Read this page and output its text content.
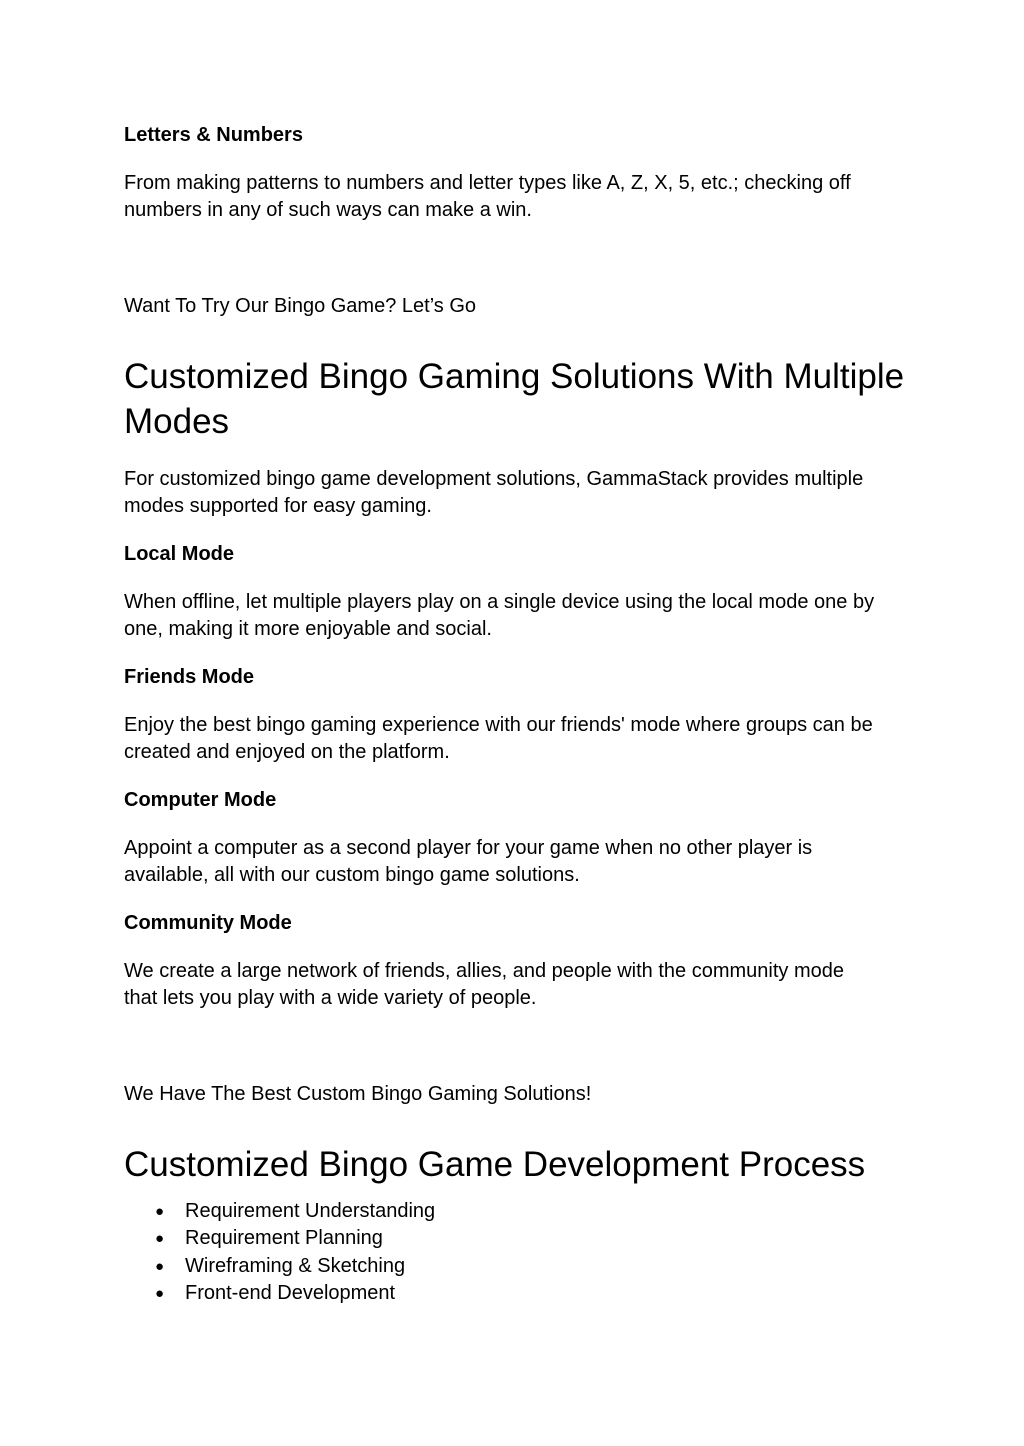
Letters & Numbers

From making patterns to numbers and letter types like A, Z, X, 5, etc.; checking off

numbers in any of such ways can make a win.

Want To Try Our Bingo Game? Let’s Go

Customized Bingo Gaming Solutions With Multiple
Modes

For customized bingo game development solutions, GammaStack provides multiple

modes supported for easy gaming.

Local Mode

When offline, let multiple players play on a single device using the local mode one by

one, making it more enjoyable and social.

Friends Mode

Enjoy the best bingo gaming experience with our friends' mode where groups can be

created and enjoyed on the platform.

Computer Mode

Appoint a computer as a second player for your game when no other player is

available, all with our custom bingo game solutions.

Community Mode

We create a large network of friends, allies, and people with the community mode

that lets you play with a wide variety of people.

We Have The Best Custom Bingo Gaming Solutions!

Customized Bingo Game Development Process
● Requirement Understanding
● Requirement Planning
● Wireframing & Sketching
● Front-end Development
